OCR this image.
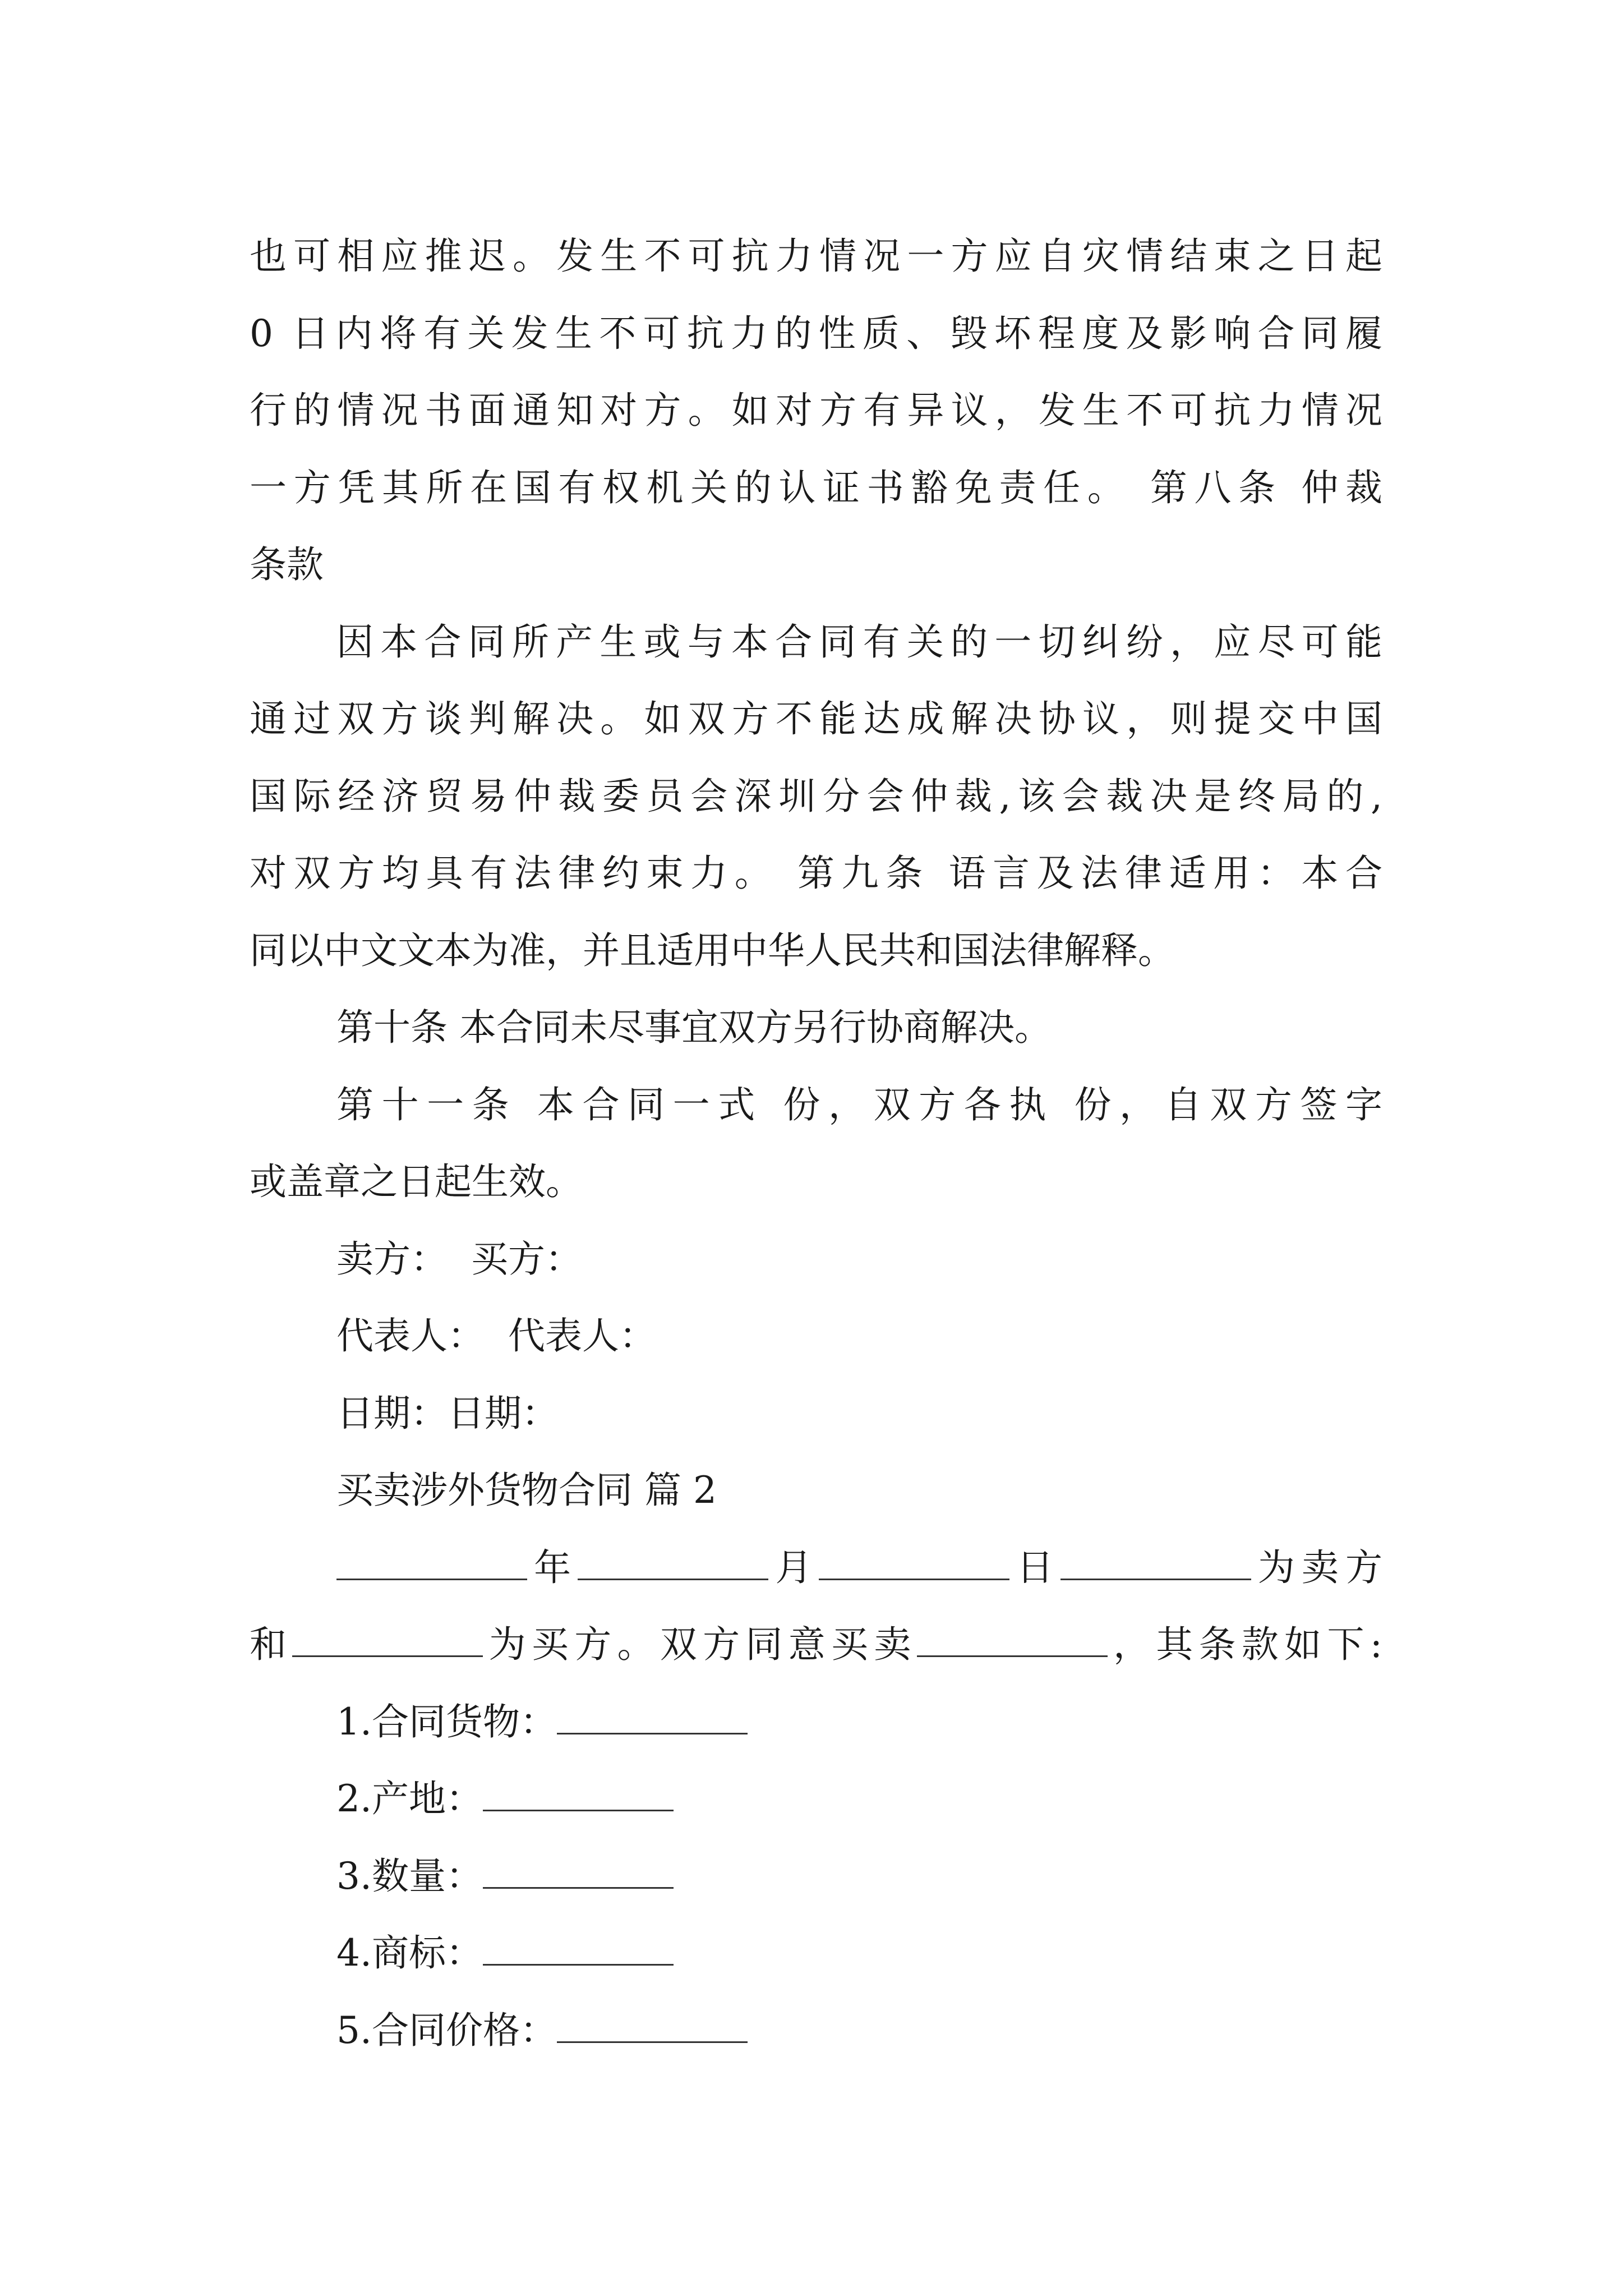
也可相应推迟。发生不可抗力情况一方应自灾情结束之日起
0 日内将有关发生不可抗力的性质、毁坏程度及影响合同履
行的情况书面通知对方。如对方有异议，发生不可抗力情况
一方凭其所在国有权机关的认证书豁免责任。 第八条 仲裁
条款
因本合同所产生或与本合同有关的一切纠纷，应尽可能
通过双方谈判解决。如双方不能达成解决协议，则提交中国
国际经济贸易仲裁委员会深圳分会仲裁,该会裁决是终局的,
对双方均具有法律约束力。 第九条 语言及法律适用：本合
同以中文文本为准，并且适用中华人民共和国法律解释。
第十条 本合同未尽事宜双方另行协商解决。
第十一条 本合同一式 份，双方各执 份，自双方签字
或盖章之日起生效。
卖方：  买方：
代表人：  代表人：
日期：日期：
买卖涉外货物合同 篇 2
年	月	日	为卖方
和	为买方。双方同意买卖	，其条款如下:
1.合同货物：
2.产地：
3.数量：
4.商标：
5.合同价格：
